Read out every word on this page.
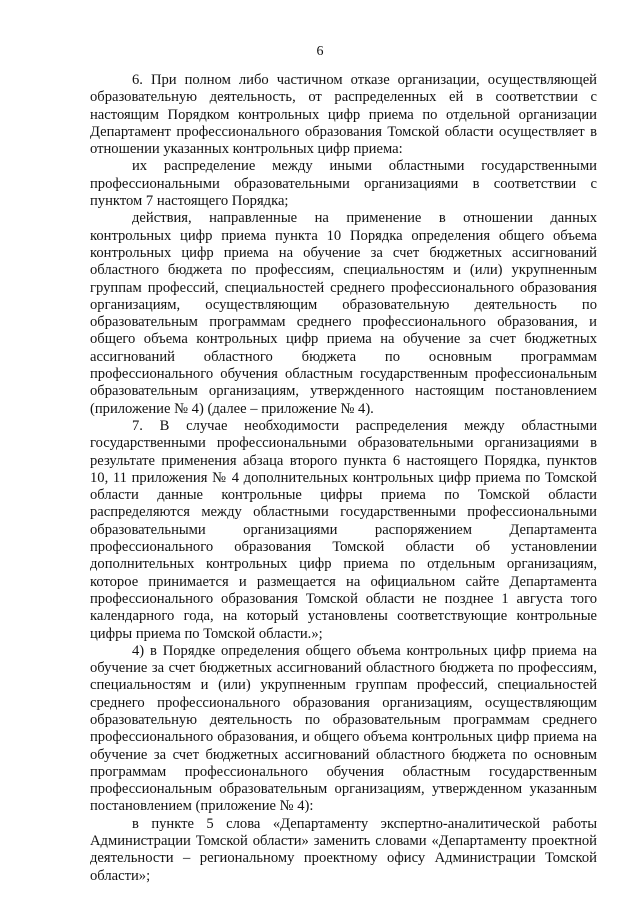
6

6. При полном либо частичном отказе организации, осуществляющей образовательную деятельность, от распределенных ей в соответствии с настоящим Порядком контрольных цифр приема по отдельной организации Департамент профессионального образования Томской области осуществляет в отношении указанных контрольных цифр приема:

их распределение между иными областными государственными профессиональными образовательными организациями в соответствии с пунктом 7 настоящего Порядка;

действия, направленные на применение в отношении данных контрольных цифр приема пункта 10 Порядка определения общего объема контрольных цифр приема на обучение за счет бюджетных ассигнований областного бюджета по профессиям, специальностям и (или) укрупненным группам профессий, специальностей среднего профессионального образования организациям, осуществляющим образовательную деятельность по образовательным программам среднего профессионального образования, и общего объема контрольных цифр приема на обучение за счет бюджетных ассигнований областного бюджета по основным программам профессионального обучения областным государственным профессиональным образовательным организациям, утвержденного настоящим постановлением (приложение № 4) (далее – приложение № 4).

7. В случае необходимости распределения между областными государственными профессиональными образовательными организациями в результате применения абзаца второго пункта 6 настоящего Порядка, пунктов 10, 11 приложения № 4 дополнительных контрольных цифр приема по Томской области данные контрольные цифры приема по Томской области распределяются между областными государственными профессиональными образовательными организациями распоряжением Департамента профессионального образования Томской области об установлении дополнительных контрольных цифр приема по отдельным организациям, которое принимается и размещается на официальном сайте Департамента профессионального образования Томской области не позднее 1 августа того календарного года, на который установлены соответствующие контрольные цифры приема по Томской области.»;

4) в Порядке определения общего объема контрольных цифр приема на обучение за счет бюджетных ассигнований областного бюджета по профессиям, специальностям и (или) укрупненным группам профессий, специальностей среднего профессионального образования организациям, осуществляющим образовательную деятельность по образовательным программам среднего профессионального образования, и общего объема контрольных цифр приема на обучение за счет бюджетных ассигнований областного бюджета по основным программам профессионального обучения областным государственным профессиональным образовательным организациям, утвержденном указанным постановлением (приложение № 4):

в пункте 5 слова «Департаменту экспертно-аналитической работы Администрации Томской области» заменить словами «Департаменту проектной деятельности – региональному проектному офису Администрации Томской области»;
